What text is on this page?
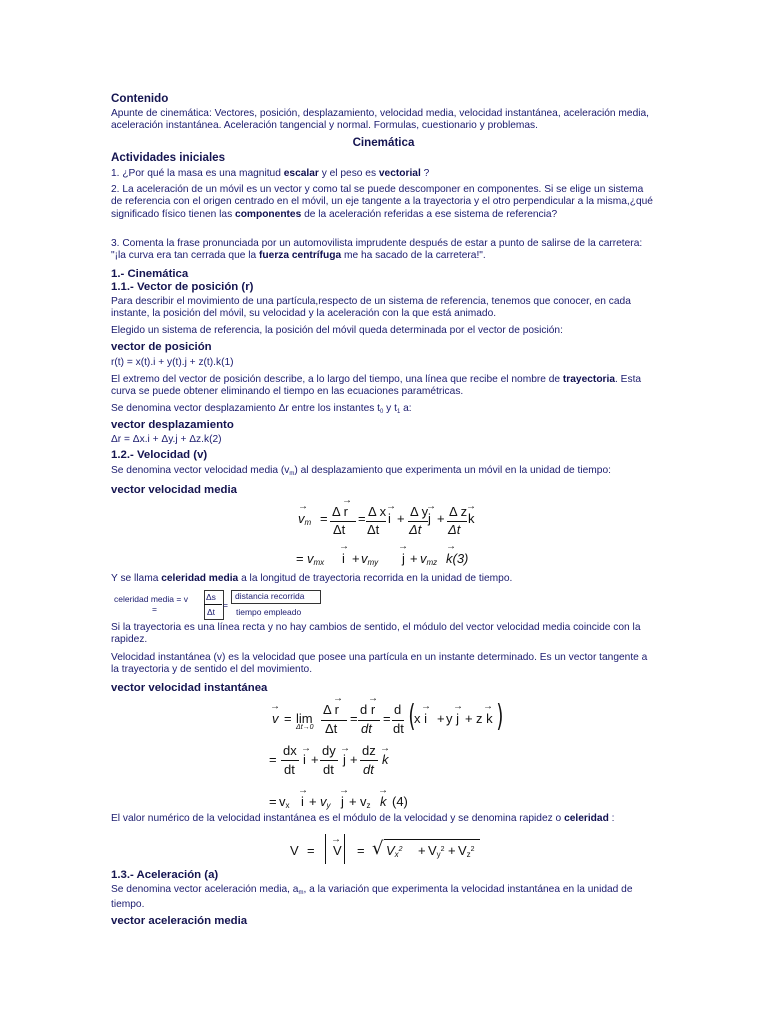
Contenido
Apunte de cinemática: Vectores, posición, desplazamiento, velocidad media, velocidad instantánea, aceleración media, aceleración instantánea. Aceleración tangencial y normal. Formulas, cuestionario y problemas.
Cinemática
Actividades iniciales
1. ¿Por qué la masa es una magnitud escalar y el peso es vectorial ?
2. La aceleración de un móvil es un vector y como tal se puede descomponer en componentes. Si se elige un sistema de referencia con el origen centrado en el móvil, un eje tangente a la trayectoria y el otro perpendicular a la misma,¿qué significado físico tienen las componentes de la aceleración referidas a ese sistema de referencia?
3. Comenta la frase pronunciada por un automovilista imprudente después de estar a punto de salirse de la carretera: "¡la curva era tan cerrada que la fuerza centrífuga me ha sacado de la carretera!".
1.- Cinemática
1.1.- Vector de posición (r)
Para describir el movimiento de una partícula,respecto de un sistema de referencia, tenemos que conocer, en cada instante, la posición del móvil, su velocidad y la aceleración con la que está animado.
Elegido un sistema de referencia, la posición del móvil queda determinada por el vector de posición:
vector de posición
r(t) = x(t).i + y(t).j + z(t).k(1)
El extremo del vector de posición describe, a lo largo del tiempo, una línea que recibe el nombre de trayectoria. Esta curva se puede obtener eliminando el tiempo en las ecuaciones paramétricas.
Se denomina vector desplazamiento Δr entre los instantes $t_0$ y $t_1$ a:
vector desplazamiento
Δr = Δx.i + Δy.j + Δz.k(2)
1.2.- Velocidad (v)
Se denomina vector velocidad media $(v_m)$ al desplazamiento que experimenta un móvil en la unidad de tiempo:
vector velocidad media
→
$v_m$ =
→
Δ r
Δt
= Δ x
Δt
→
i + Δ y
Δt
→
j + Δ z
Δt
→
k
= $v_{mx}$
→
$i + v_{my}$
→
$j + v_{mz}$
→
k(3)
Y se llama celeridad media a la longitud de trayectoria recorrida en la unidad de tiempo.
celeridad media = v
=
Δs
Δt
=
distancia recorrida
tiempo empleado
Si la trayectoria es una línea recta y no hay cambios de sentido, el módulo del vector velocidad media coincide con la rapidez.
Velocidad instantánea (v) es la velocidad que posee una partícula en un instante determinado. Es un vector tangente a la trayectoria y de sentido el del movimiento.
vector velocidad instantánea
→
v = lim
Δt→0
→
Δ r
Δt
=
→
d r
dt
=
d
dt ( →
x i +
→
y j +
→
z k )
=
dx
dt
→
i +
dy
dt
→
j +
dz
dt
→
k
= $v_x$
→
$i + v_y$
→
$j + v_z$
→
k (4)
El valor numérico de la velocidad instantánea es el módulo de la velocidad y se denomina rapidez o celeridad :
V =
→
V = √ $V_x^2 + V_y^2 + V_z^2$
1.3.- Aceleración (a)
Se denomina vector aceleración media, $a_m$, a la variación que experimenta la velocidad instantánea en la unidad de tiempo.
vector aceleración media
